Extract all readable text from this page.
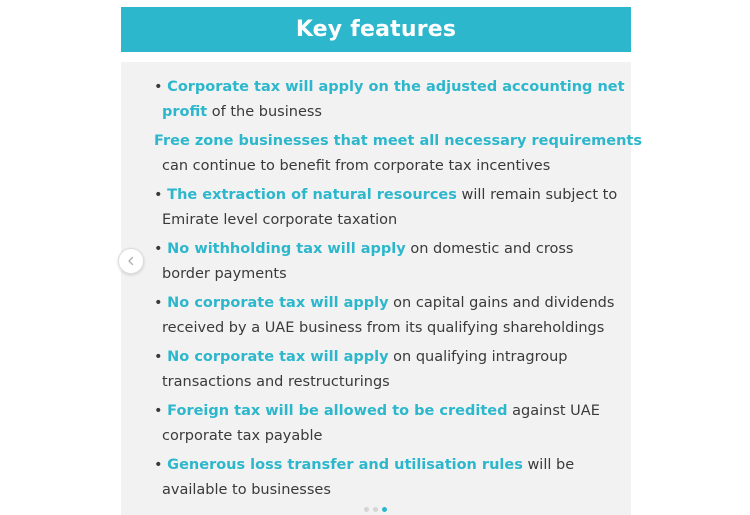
Key features
• Corporate tax will apply on the adjusted accounting net
profit of the business
Free zone businesses that meet all necessary requirements
can continue to benefit from corporate tax incentives
• The extraction of natural resources will remain subject to
Emirate level corporate taxation
• No withholding tax will apply on domestic and cross
border payments
• No corporate tax will apply on capital gains and dividends
received by a UAE business from its qualifying shareholdings
• No corporate tax will apply on qualifying intragroup
transactions and restructurings
• Foreign tax will be allowed to be credited against UAE
corporate tax payable
• Generous loss transfer and utilisation rules will be
available to businesses
